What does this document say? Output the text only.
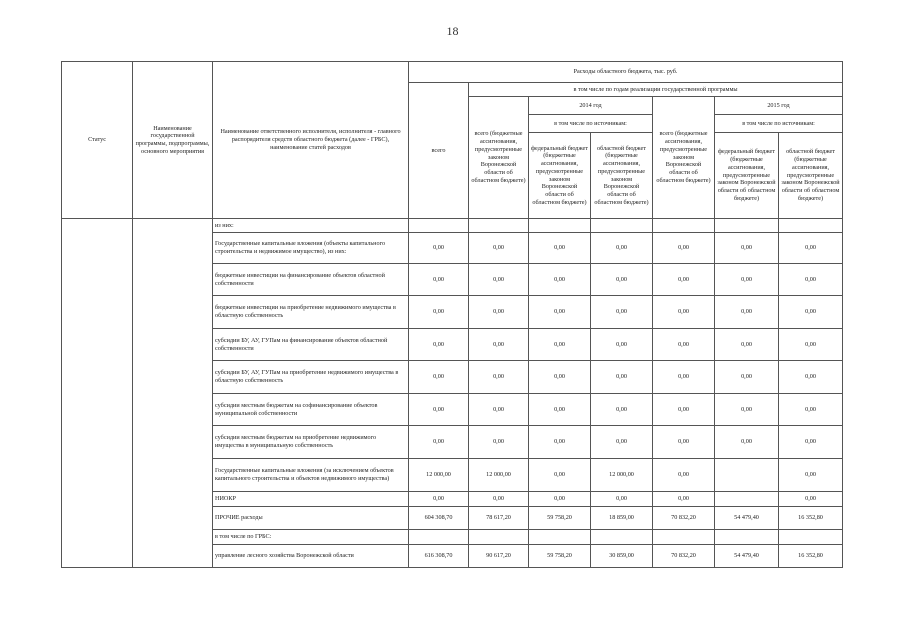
18
Статус	Наименование государственной программы, подпрограммы, основного мероприятия	Наименование ответственного исполнителя, исполнителя - главного распорядителя средств областного бюджета (далее - ГРБС), наименование статей расходов	Расходы областного бюджета, тыс. руб.						
			всего	в том числе по годам реализации государственной программы					
				всего (бюджетные ассигнования, предусмотренные законом Воронежской области об областном бюджете)	2014 год		всего (бюджетные ассигнования, предусмотренные законом Воронежской области об областном бюджете)	2015 год	
					в том числе по источникам:			в том числе по источникам:	
					федеральный бюджет (бюджетные ассигнования, предусмотренные законом Воронежской области об областном бюджете)	областной бюджет (бюджетные ассигнования, предусмотренные законом Воронежской области об областном бюджете)		федеральный бюджет (бюджетные ассигнования, предусмотренные законом Воронежской области об областном бюджете)	областной бюджет (бюджетные ассигнования, предусмотренные законом Воронежской области об областном бюджете)
		из них:							
		Государственные капитальные вложения (объекты капитального строительства и недвижимое имущество), из них:	0,00	0,00	0,00	0,00	0,00	0,00	0,00
		бюджетные инвестиции на финансирование объектов областной собственности	0,00	0,00	0,00	0,00	0,00	0,00	0,00
		бюджетные инвестиции на приобретение недвижимого имущества в областную собственность	0,00	0,00	0,00	0,00	0,00	0,00	0,00
		субсидии БУ, АУ, ГУПам на финансирование объектов областной собственности	0,00	0,00	0,00	0,00	0,00	0,00	0,00
		субсидии БУ, АУ, ГУПам на приобретение недвижимого имущества в областную собственность	0,00	0,00	0,00	0,00	0,00	0,00	0,00
		субсидии местным бюджетам на софинансирование объектов муниципальной собственности	0,00	0,00	0,00	0,00	0,00	0,00	0,00
		субсидии местным бюджетам на приобретение недвижимого имущества в муниципальную собственность	0,00	0,00	0,00	0,00	0,00	0,00	0,00
		Государственные капитальные вложения (за исключением объектов капитального строительства и объектов недвижимого имущества)	12 000,00	12 000,00	0,00	12 000,00	0,00		0,00
		НИОКР	0,00	0,00	0,00	0,00	0,00		0,00
		ПРОЧИЕ расходы	604 308,70	78 617,20	59 758,20	18 859,00	70 832,20	54 479,40	16 352,80
		в том числе по ГРБС:							
		управление лесного хозяйства Воронежской области	616 308,70	90 617,20	59 758,20	30 859,00	70 832,20	54 479,40	16 352,80
